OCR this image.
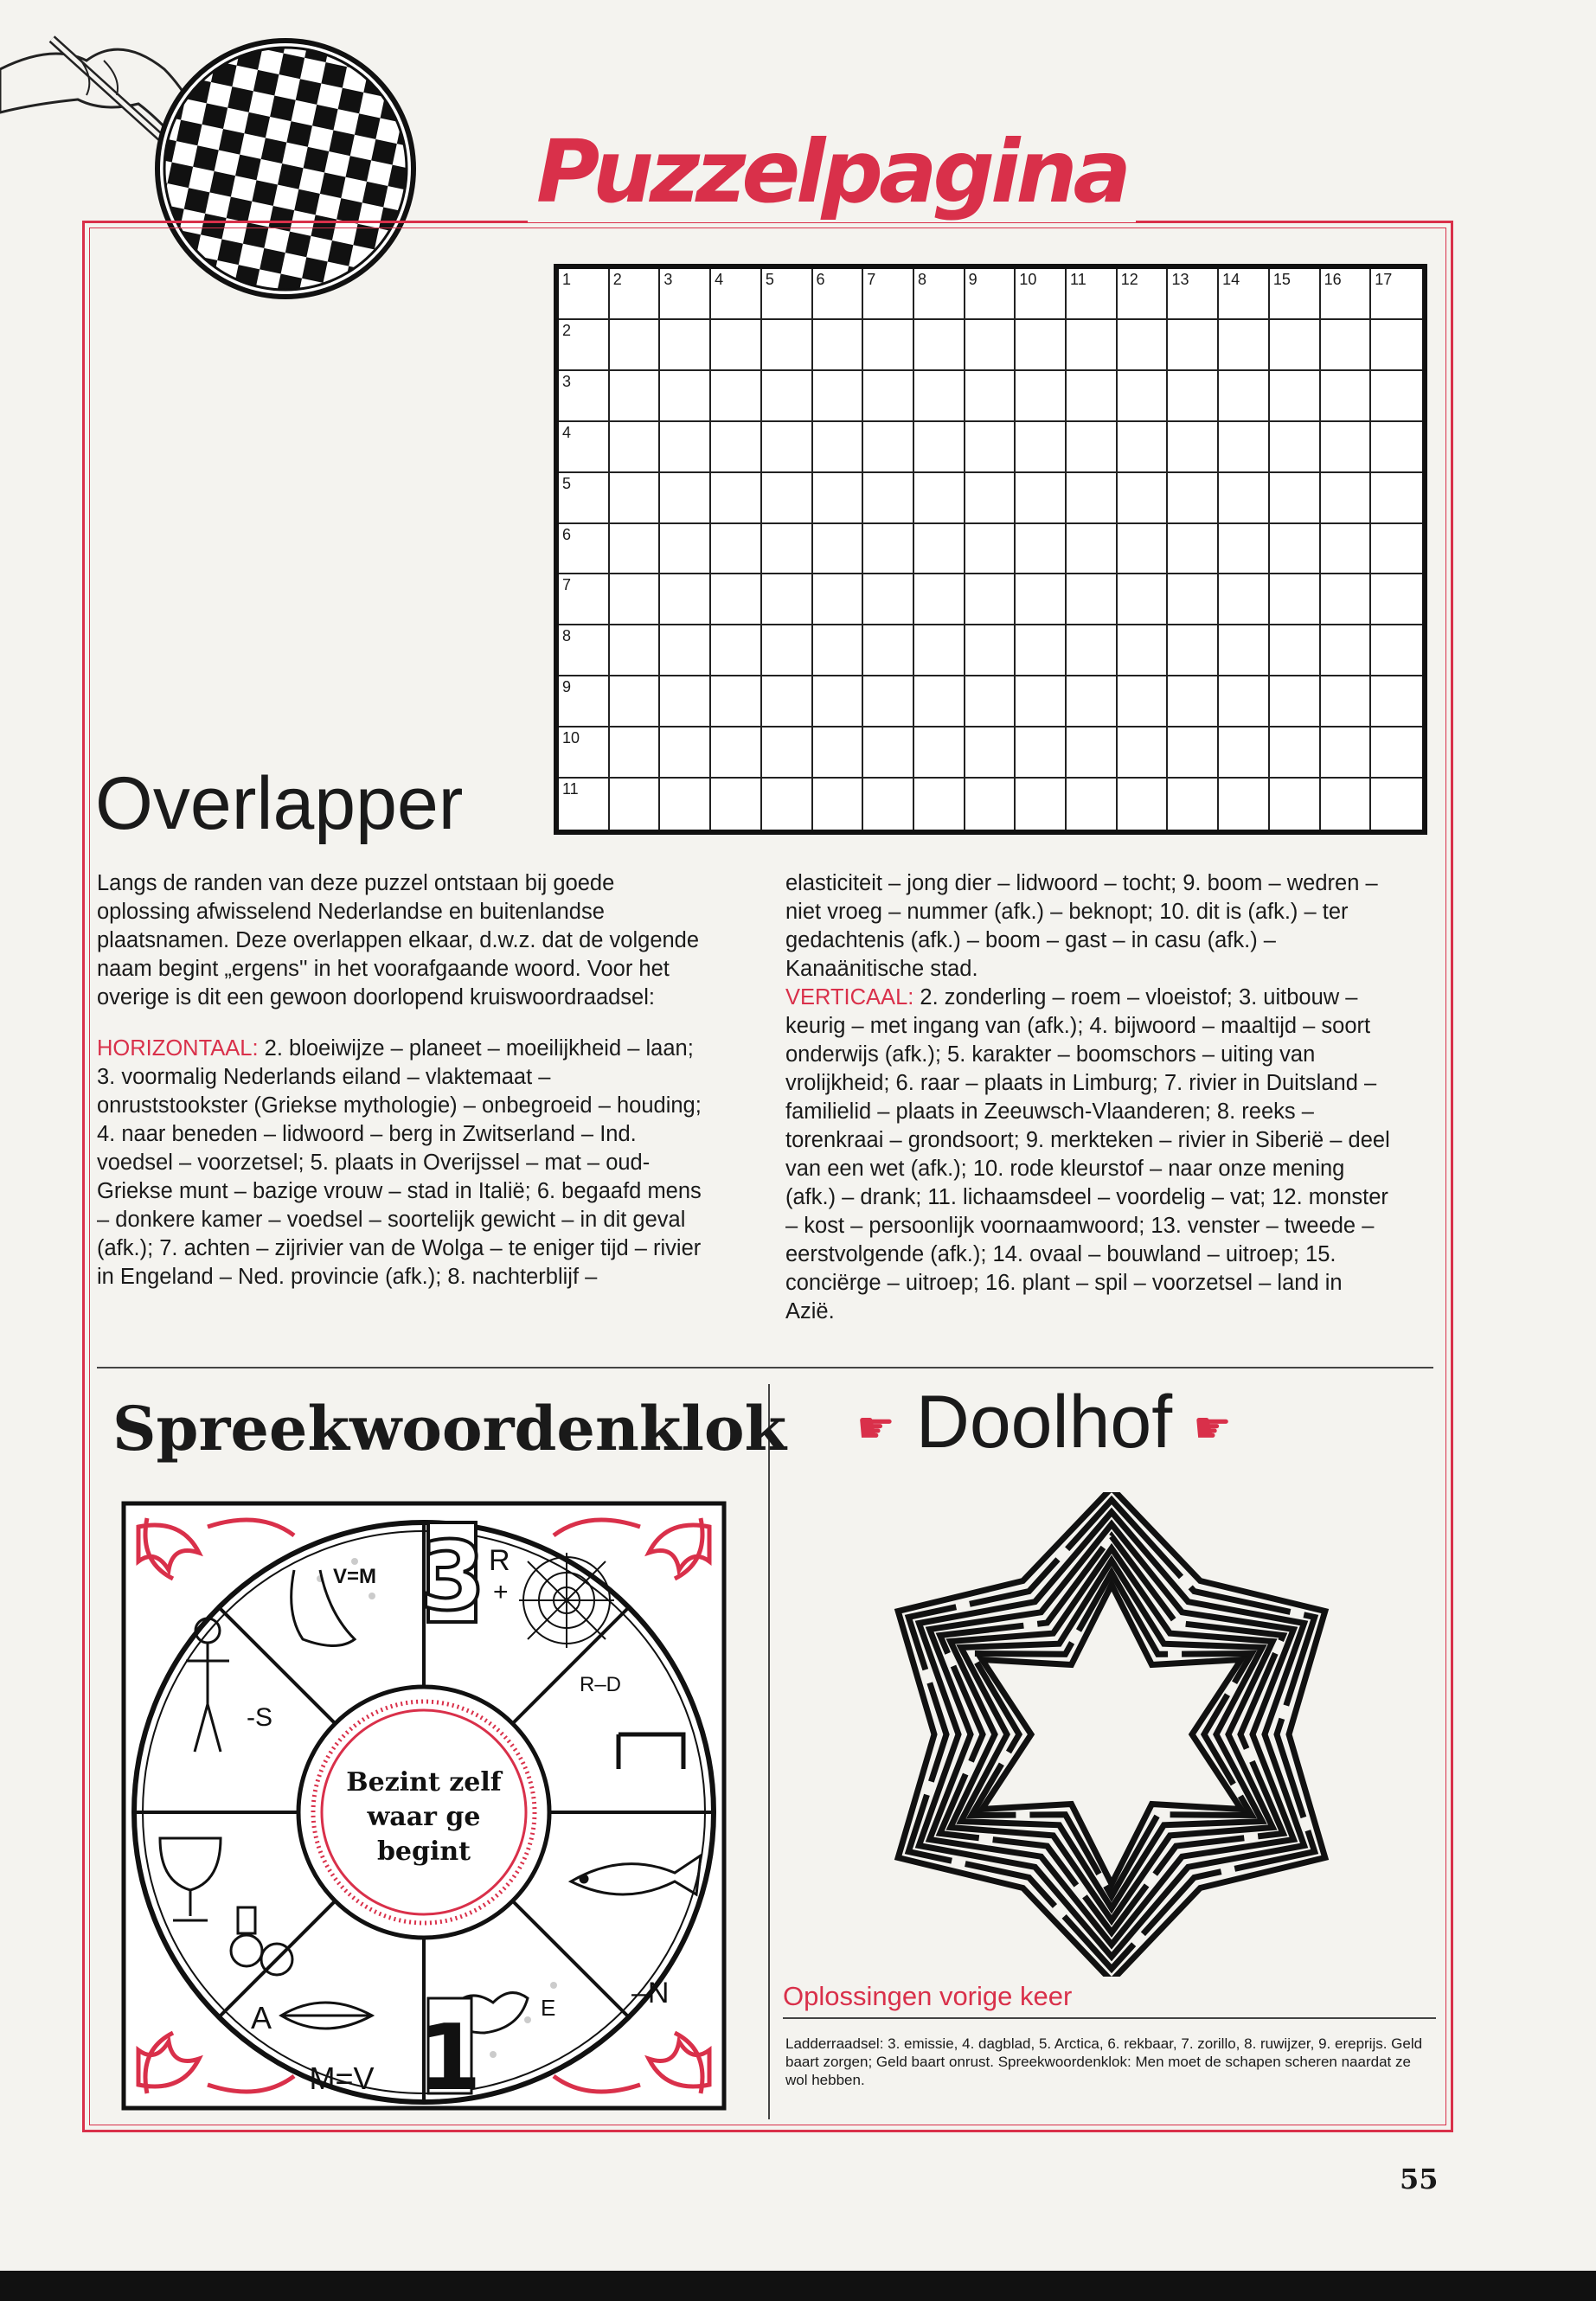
Puzzelpagina
1	2	3	4	5	6	7	8	9	10 11 12 13 14 15 16 17
2
3
4
5
6
7
8
9
10
11
Overlapper

Langs de randen van deze puzzel ontstaan bij goede oplossing afwisselend Nederlandse en buitenlandse plaatsnamen. Deze overlappen elkaar, d.w.z. dat de volgende naam begint „ergens'' in het voorafgaande woord. Voor het overige is dit een gewoon doorlopend kruiswoordraadsel:

HORIZONTAAL: 2. bloeiwijze – planeet – moeilijkheid – laan; 3. voormalig Nederlands eiland – vlaktemaat – onruststookster (Griekse mythologie) – onbegroeid – houding; 4. naar beneden – lidwoord – berg in Zwitserland – Ind. voedsel – voorzetsel; 5. plaats in Overijssel – mat – oud-Griekse munt – bazige vrouw – stad in Italië; 6. begaafd mens – donkere kamer – voedsel – soortelijk gewicht – in dit geval (afk.); 7. achten – zijrivier van de Wolga – te eniger tijd – rivier in Engeland – Ned. provincie (afk.); 8. nachterblijf –

elasticiteit – jong dier – lidwoord – tocht; 9. boom – wedren – niet vroeg – nummer (afk.) – beknopt; 10. dit is (afk.) – ter gedachtenis (afk.) – boom – gast – in casu (afk.) – Kanaänitische stad.

VERTICAAL: 2. zonderling – roem – vloeistof; 3. uitbouw – keurig – met ingang van (afk.); 4. bijwoord – maaltijd – soort onderwijs (afk.); 5. karakter – boomschors – uiting van vrolijkheid; 6. raar – plaats in Limburg; 7. rivier in Duitsland – familielid – plaats in Zeeuwsch-Vlaanderen; 8. reeks – torenkraai – grondsoort; 9. merkteken – rivier in Siberië – deel van een wet (afk.); 10. rode kleurstof – naar onze mening (afk.) – drank; 11. lichaamsdeel – voordelig – vat; 12. monster – kost – persoonlijk voornaamwoord; 13. venster – tweede – eerstvolgende (afk.); 14. ovaal – bouwland – uitroep; 15. conciërge – uitroep; 16. plant – spil – voorzetsel – land in Azië.

Spreekwoordenklok ☛ Doolhof ☛
3
V=M	R
+
R–D
-S
–N
E
A
M=V 1
Bezint zelf
waar ge
begint
Oplossingen vorige keer
Ladderraadsel: 3. emissie, 4. dagblad, 5. Arctica, 6. rekbaar, 7. zorillo, 8. ruwijzer, 9. ereprijs. Geld baart zorgen; Geld baart onrust. Spreekwoordenklok: Men moet de schapen scheren naardat ze wol hebben.
55
